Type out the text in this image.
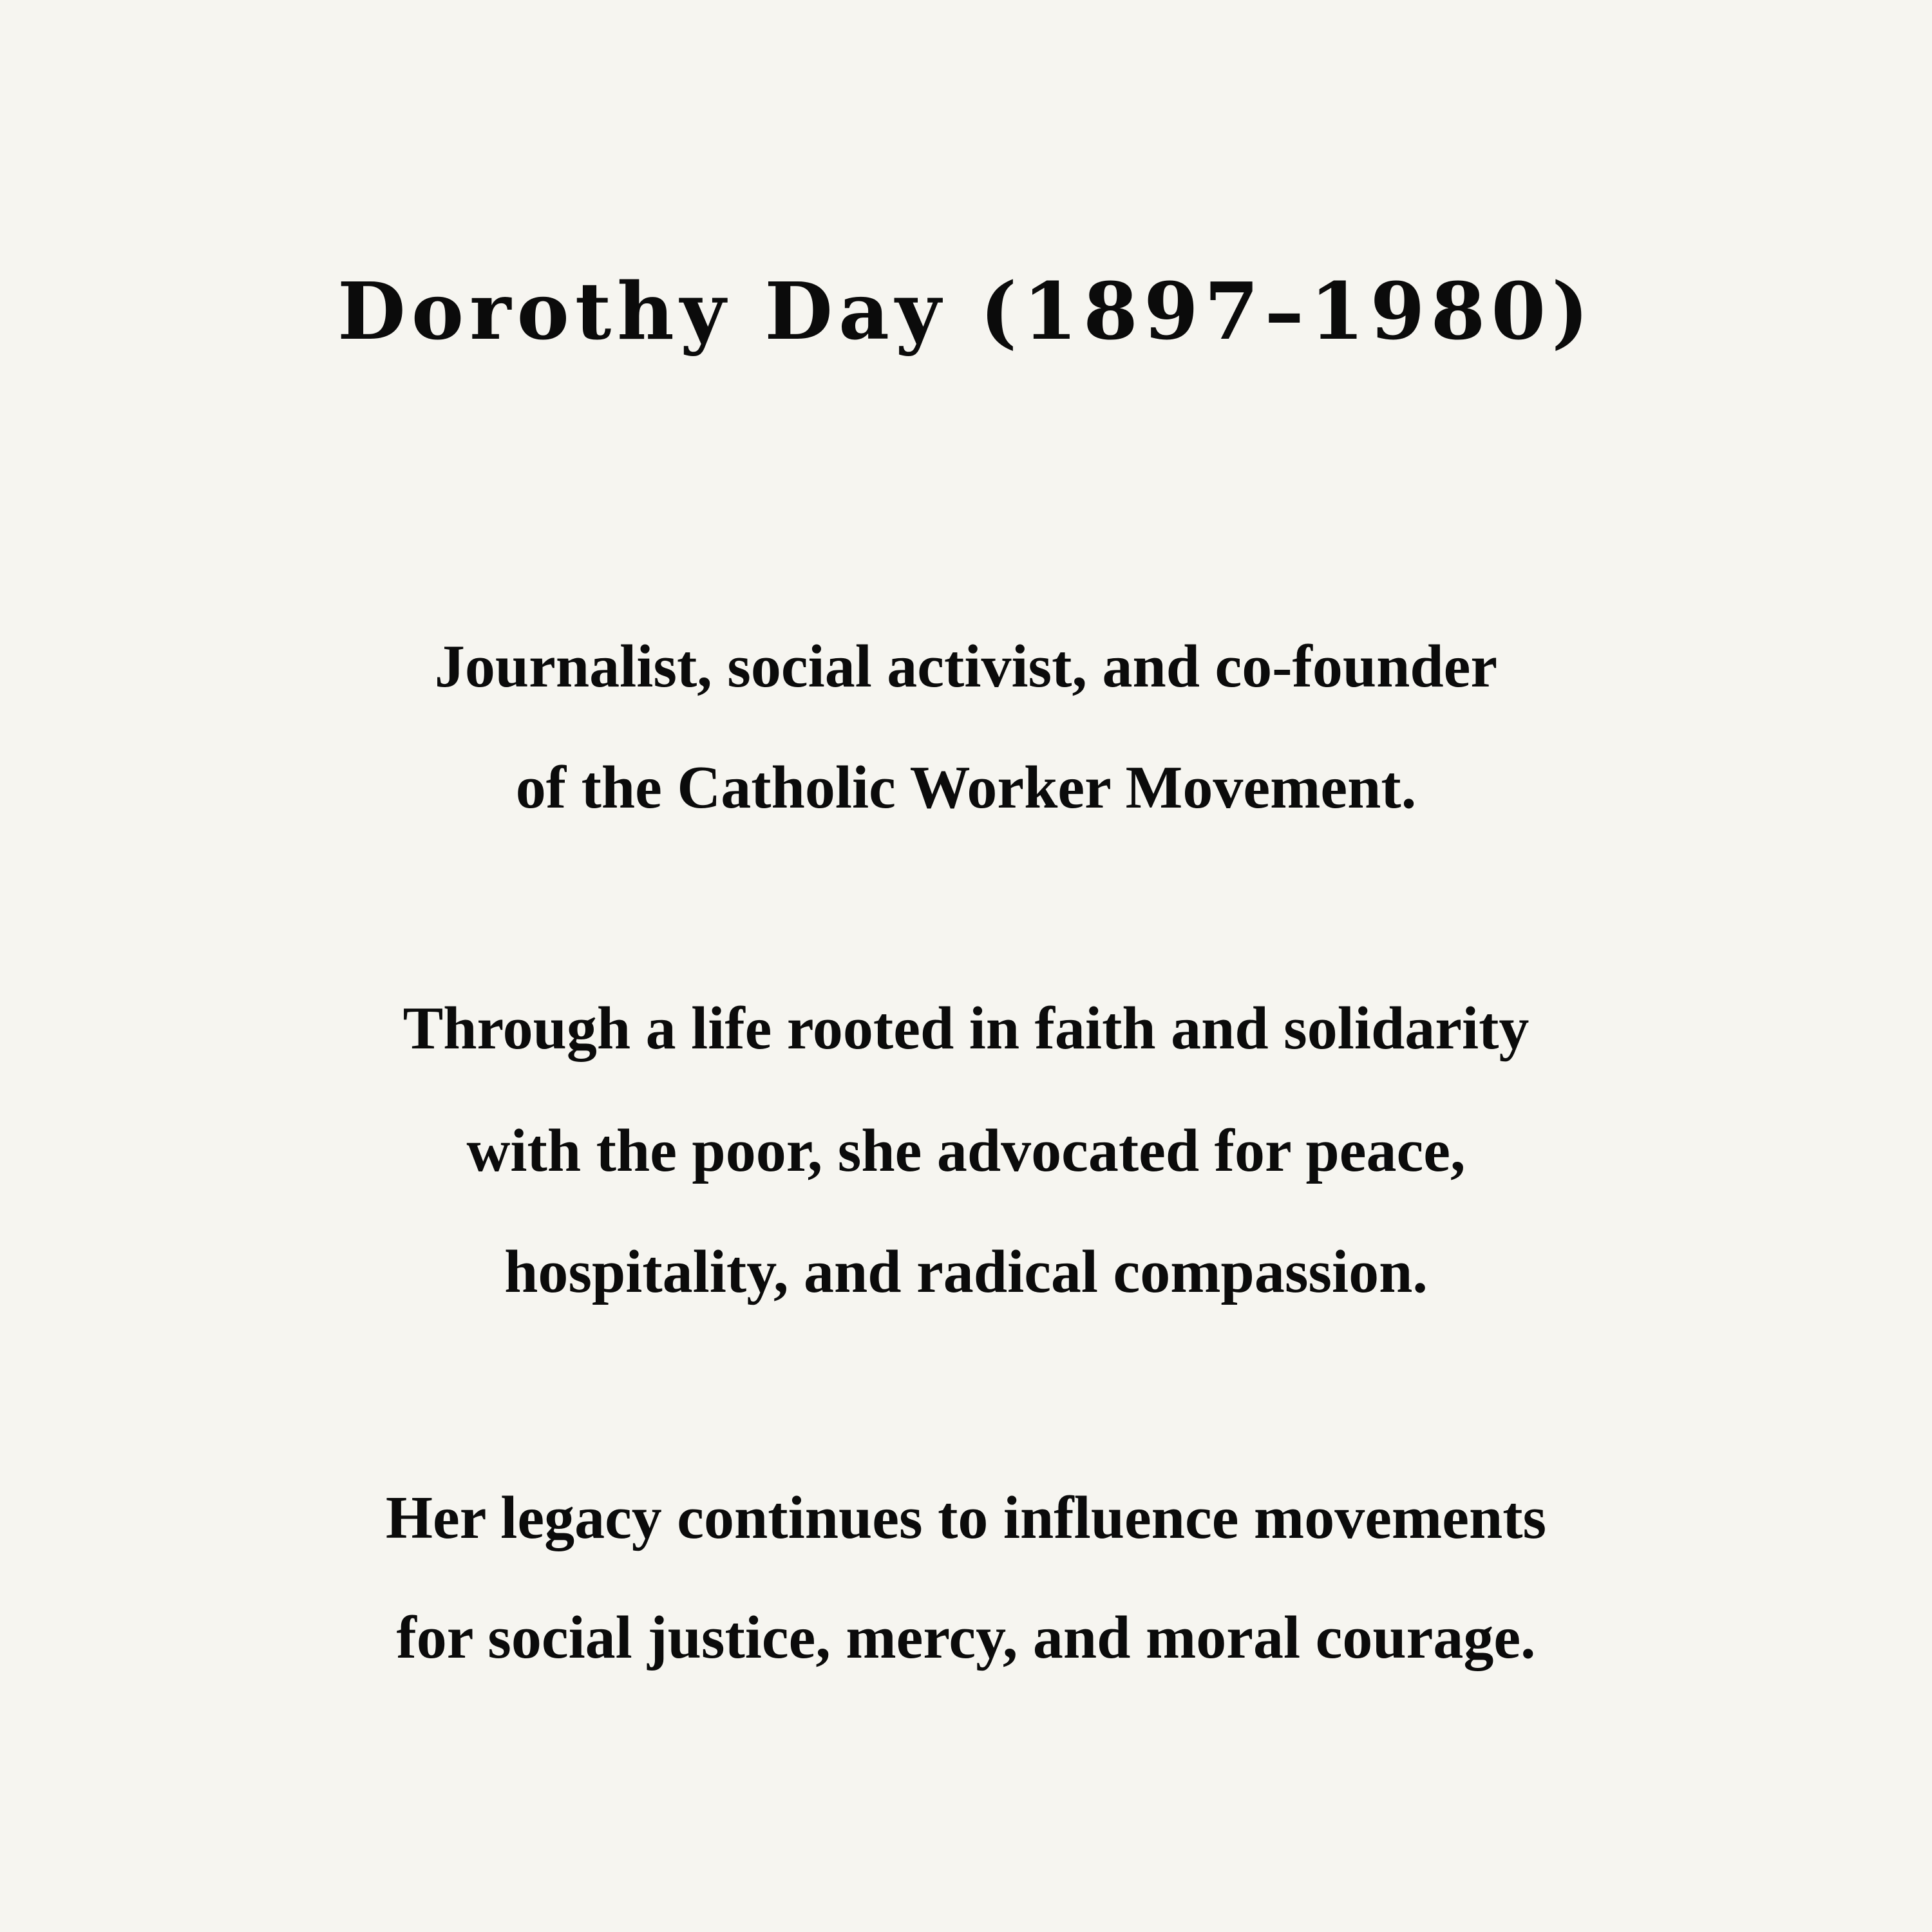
Dorothy Day (1897–1980)

Journalist, social activist, and co-founder

of the Catholic Worker Movement.

Through a life rooted in faith and solidarity

with the poor, she advocated for peace,

hospitality, and radical compassion.

Her legacy continues to influence movements

for social justice, mercy, and moral courage.
